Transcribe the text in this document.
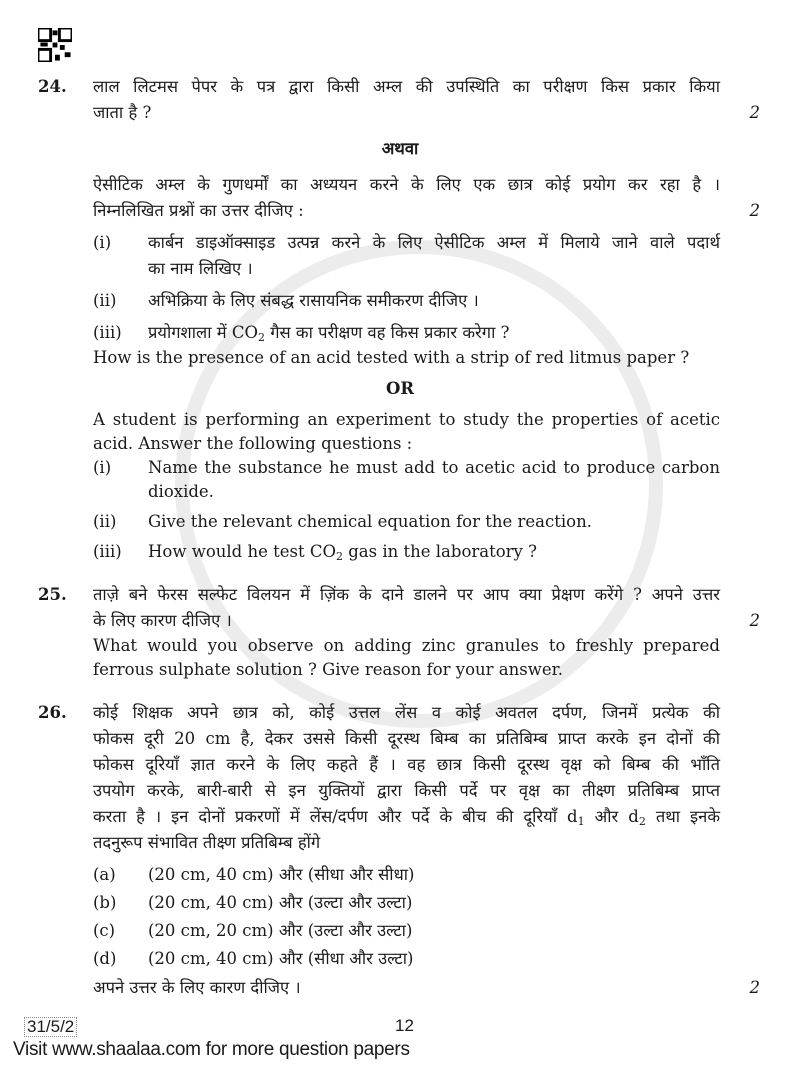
24. लाल लिटमस पेपर के पत्र द्वारा किसी अम्ल की उपस्थिति का परीक्षण किस प्रकार किया
जाता है ?	2
अथवा
ऐसीटिक अम्ल के गुणधर्मों का अध्ययन करने के लिए एक छात्र कोई प्रयोग कर रहा है ।
निम्नलिखित प्रश्नों का उत्तर दीजिए :	2
(i)	कार्बन डाइऑक्साइड उत्पन्न करने के लिए ऐसीटिक अम्ल में मिलाये जाने वाले पदार्थ
का नाम लिखिए ।
(ii)	अभिक्रिया के लिए संबद्ध रासायनिक समीकरण दीजिए ।
(iii)	प्रयोगशाला में $CO_2$ गैस का परीक्षण वह किस प्रकार करेगा ?
How is the presence of an acid tested with a strip of red litmus paper ?
OR
A student is performing an experiment to study the properties of acetic
acid. Answer the following questions :
(i)	Name the substance he must add to acetic acid to produce carbon
dioxide.
(ii)	Give the relevant chemical equation for the reaction.
(iii)	How would he test $CO_2$ gas in the laboratory ?
25. ताज़े बने फेरस सल्फेट विलयन में ज़िंक के दाने डालने पर आप क्या प्रेक्षण करेंगे ? अपने उत्तर
के लिए कारण दीजिए ।	2
What would you observe on adding zinc granules to freshly prepared
ferrous sulphate solution ? Give reason for your answer.
26. कोई शिक्षक अपने छात्र को, कोई उत्तल लेंस व कोई अवतल दर्पण, जिनमें प्रत्येक की
फोकस दूरी 20 cm है, देकर उससे किसी दूरस्थ बिम्ब का प्रतिबिम्ब प्राप्त करके इन दोनों की
फोकस दूरियाँ ज्ञात करने के लिए कहते हैं । वह छात्र किसी दूरस्थ वृक्ष को बिम्ब की भाँति
उपयोग करके, बारी-बारी से इन युक्तियों द्वारा किसी पर्दे पर वृक्ष का तीक्ष्ण प्रतिबिम्ब प्राप्त
करता है । इन दोनों प्रकरणों में लेंस/दर्पण और पर्दे के बीच की दूरियाँ $d_1$ और $d_2$ तथा इनके
तदनुरूप संभावित तीक्ष्ण प्रतिबिम्ब होंगे
(a)	(20 cm, 40 cm) और (सीधा और सीधा)
(b)	(20 cm, 40 cm) और (उल्टा और उल्टा)
(c)	(20 cm, 20 cm) और (उल्टा और उल्टा)
(d)	(20 cm, 40 cm) और (सीधा और उल्टा)
अपने उत्तर के लिए कारण दीजिए ।	2
31/5/2	12
Visit www.shaalaa.com for more question papers
